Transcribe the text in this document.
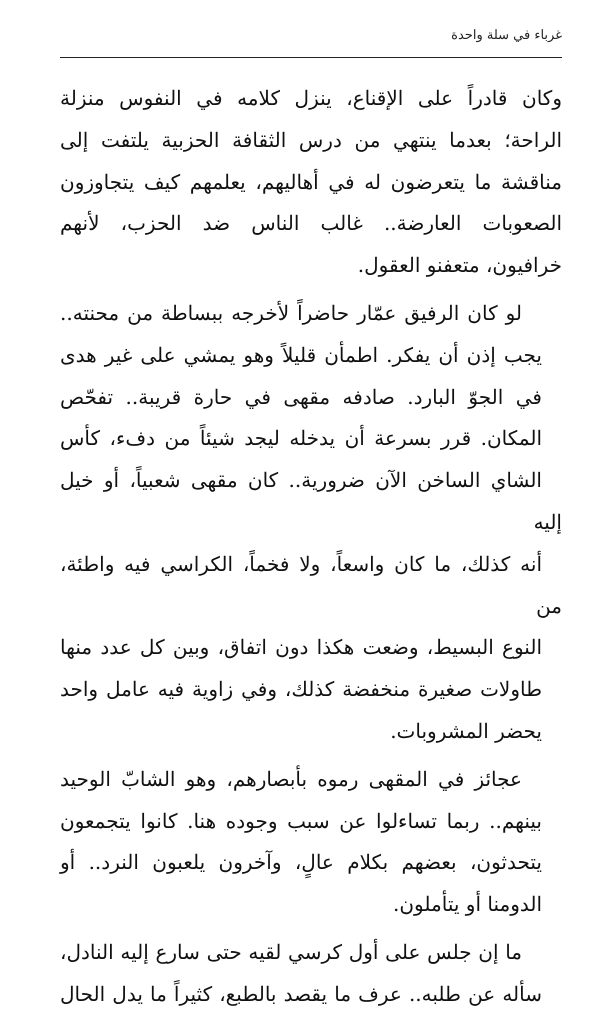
غرباء في سلة واحدة

وكان قادراً على الإقناع، ينزل كلامه في النفوس منزلة
الراحة؛ بعدما ينتهي من درس الثقافة الحزبية يلتفت إلى
مناقشة ما يتعرضون له في أهاليهم، يعلمهم كيف يتجاوزون
الصعوبات العارضة.. غالب الناس ضد الحزب، لأنهم
خرافيون، متعفنو العقول.

لو كان الرفيق عمّار حاضراً لأخرجه ببساطة من محنته..
يجب إذن أن يفكر. اطمأن قليلاً وهو يمشي على غير هدى
في الجوّ البارد. صادفه مقهى في حارة قريبة.. تفحّص
المكان. قرر بسرعة أن يدخله ليجد شيئاً من دفء، كأس
الشاي الساخن الآن ضرورية.. كان مقهى شعبياً، أو خيل إليه
أنه كذلك، ما كان واسعاً، ولا فخماً، الكراسي فيه واطئة، من
النوع البسيط، وضعت هكذا دون اتفاق، وبين كل عدد منها
طاولات صغيرة منخفضة كذلك، وفي زاوية فيه عامل واحد
يحضر المشروبات.

عجائز في المقهى رموه بأبصارهم، وهو الشابّ الوحيد
بينهم.. ربما تساءلوا عن سبب وجوده هنا. كانوا يتجمعون
يتحدثون، بعضهم بكلام عالٍ، وآخرون يلعبون النرد.. أو
الدومنا أو يتأملون.

ما إن جلس على أول كرسي لقيه حتى سارع إليه النادل،
سأله عن طلبه.. عرف ما يقصد بالطبع، كثيراً ما يدل الحال
